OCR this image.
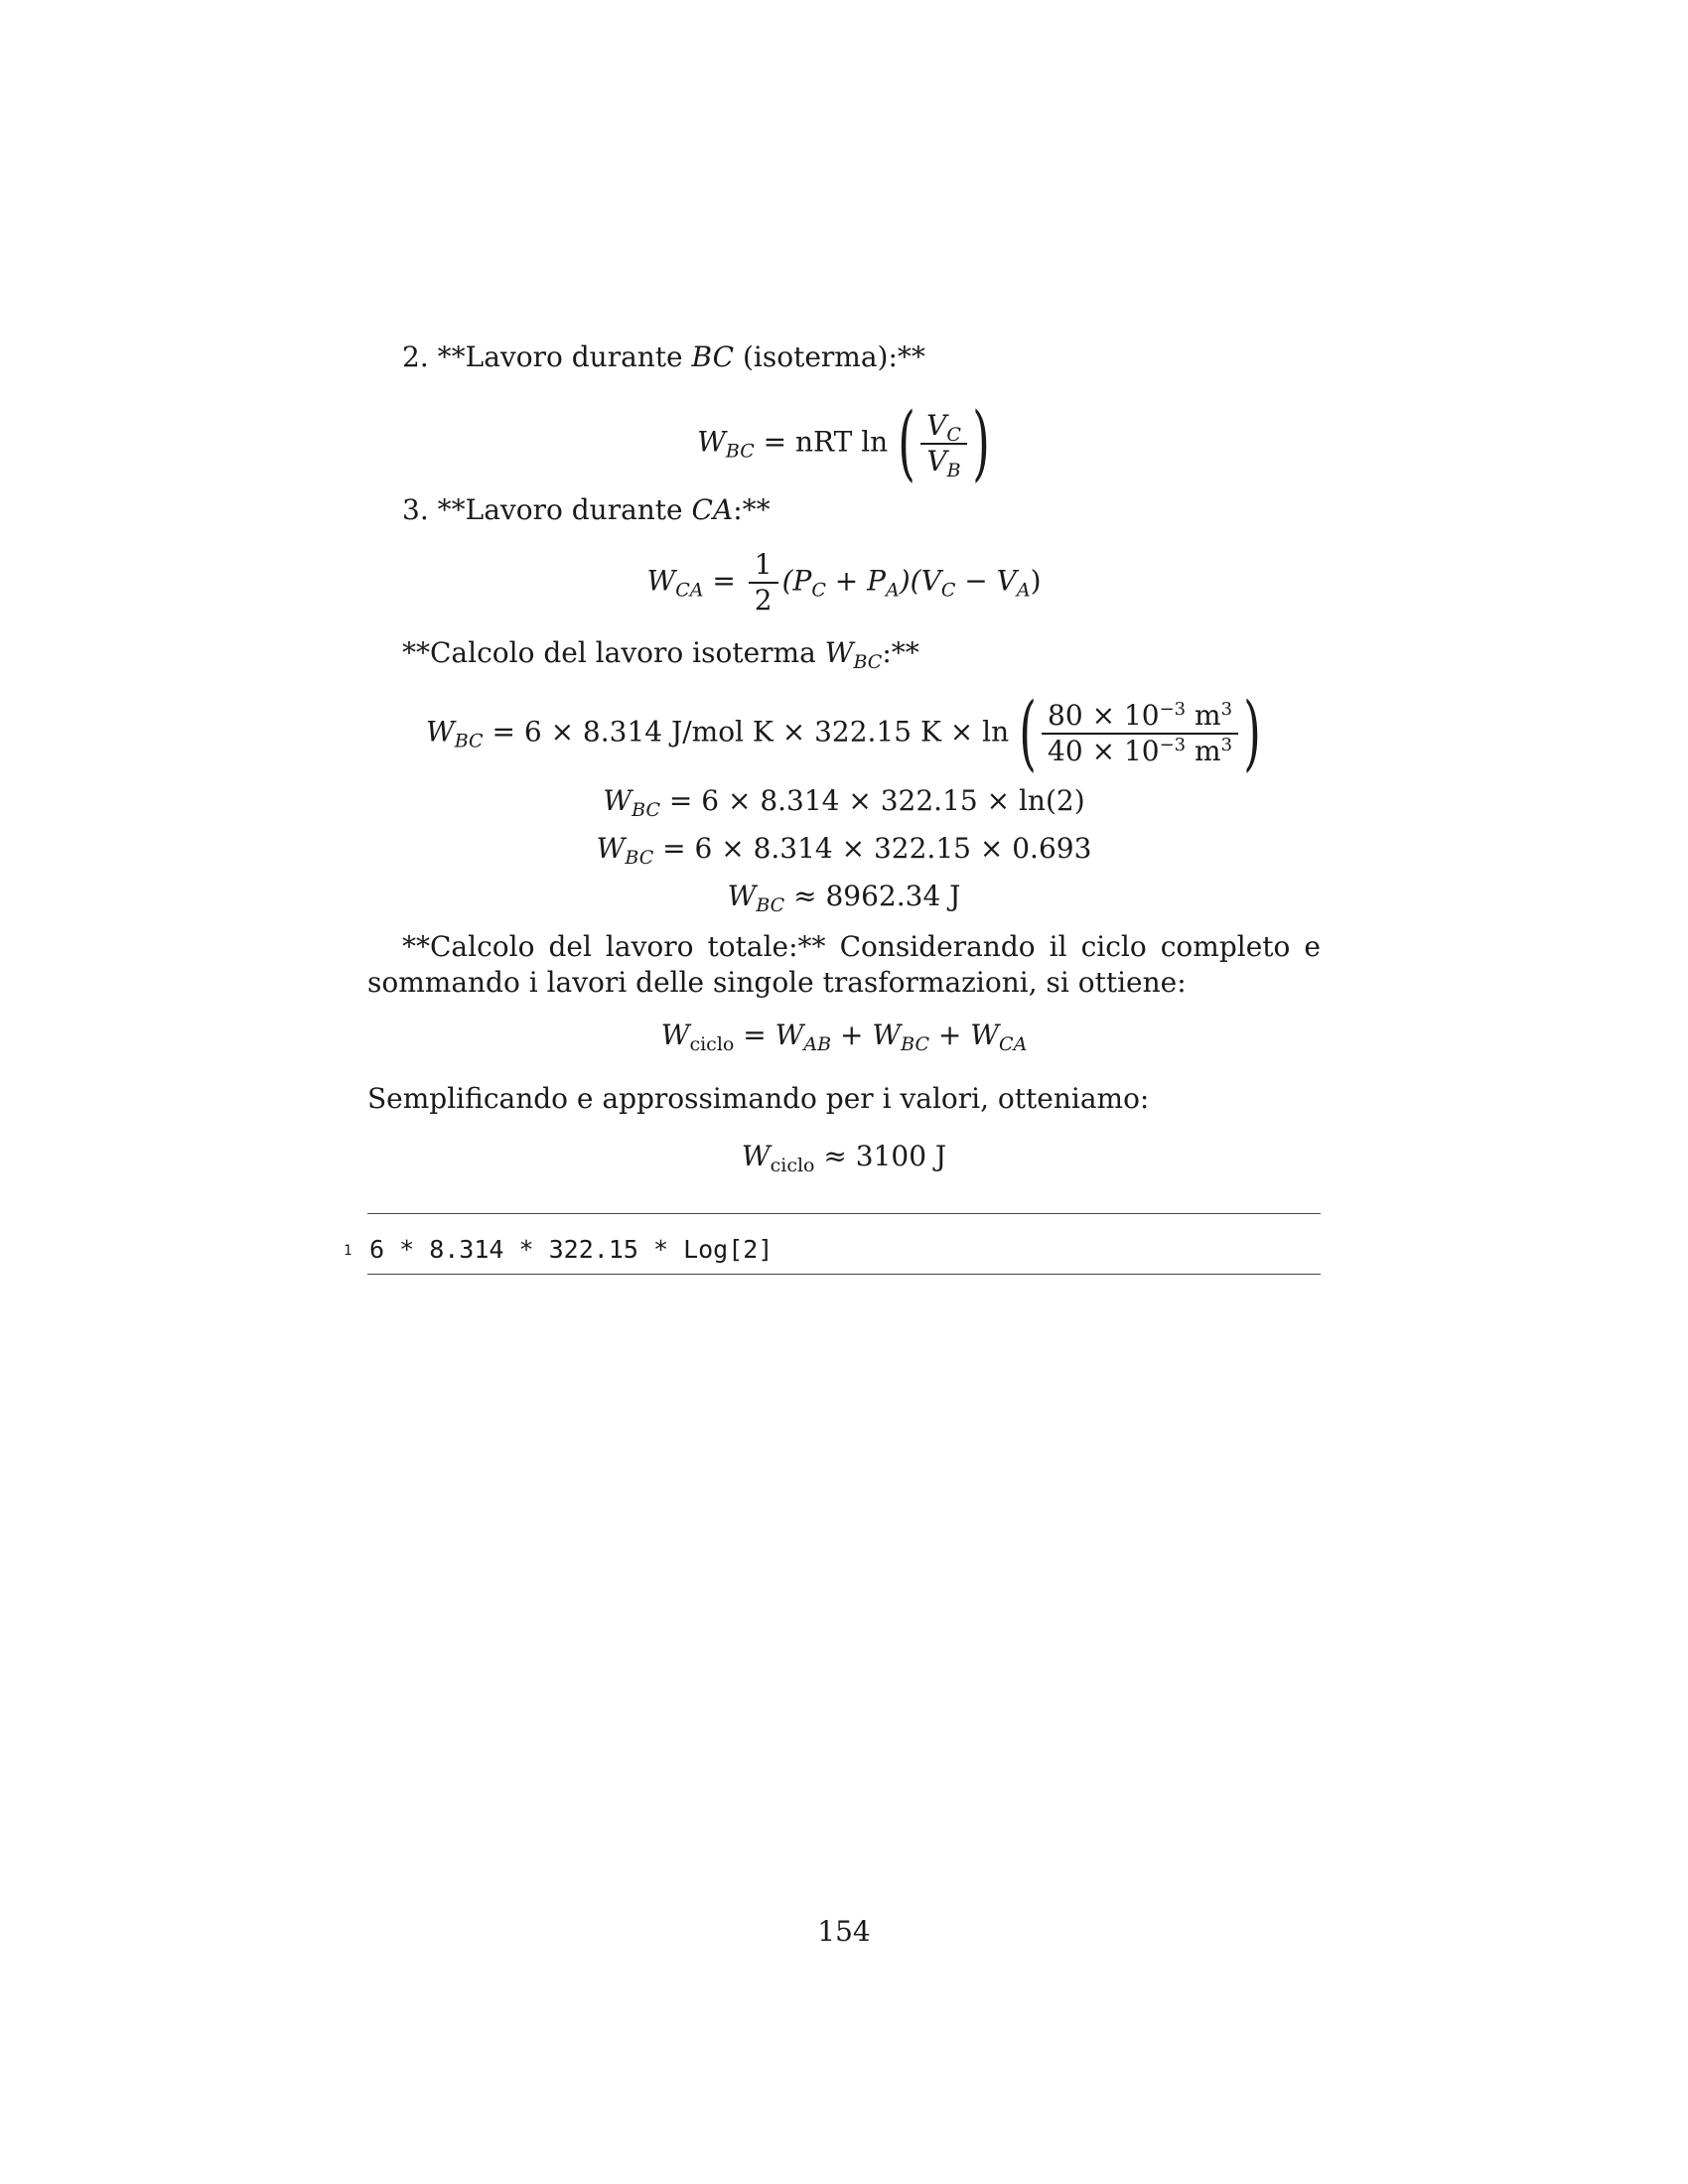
2. **Lavoro durante BC (isoterma):**
$W_{BC}$ = nRT ln ( $\frac{V_C}{V_B}$ )
3. **Lavoro durante CA:**
$W_{CA} = \frac{1}{2} (P_C + P_A)(V_C - V_A)$
**Calcolo del lavoro isoterma $W_{BC}:**$
$W_{BC} = 6 \times 8.314$ J/mol K × 322.15 K × ln ( $\frac{80 \times 10^{-3} m^3}{40 \times 10^{-3} m^3}$ )
$W_{BC} = 6 \times 8.314 \times 322.15 \times \ln(2)$
$W_{BC} = 6 \times 8.314 \times 322.15 \times 0.693$
$W_{BC} \approx 8962.34$ J
**Calcolo del lavoro totale:** Considerando il ciclo completo e sommando i lavori delle singole trasformazioni, si ottiene:
$W_{ciclo} = W_{AB} + W_{BC} + W_{CA}$
Semplificando e approssimando per i valori, otteniamo:
$W_{ciclo} \approx 3100$ J
1 6 * 8.314 * 322.15 * Log[2]
154
